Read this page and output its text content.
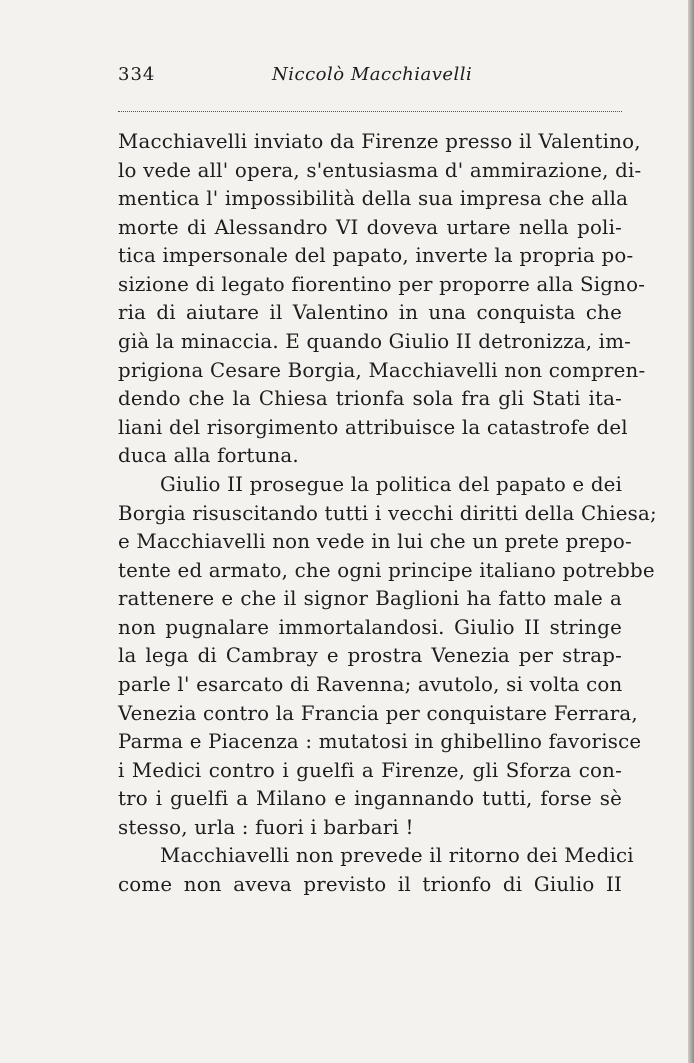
334	Niccolò Macchiavelli
Macchiavelli inviato da Firenze presso il Valentino,
lo vede all' opera, s'entusiasma d' ammirazione, di-
mentica l' impossibilità della sua impresa che alla
morte di Alessandro VI doveva urtare nella poli-
tica impersonale del papato, inverte la propria po-
sizione di legato fiorentino per proporre alla Signo-
ria di aiutare il Valentino in una conquista che
già la minaccia. E quando Giulio II detronizza, im-
prigiona Cesare Borgia, Macchiavelli non compren-
dendo che la Chiesa trionfa sola fra gli Stati ita-
liani del risorgimento attribuisce la catastrofe del
duca alla fortuna.
Giulio II prosegue la politica del papato e dei
Borgia risuscitando tutti i vecchi diritti della Chiesa;
e Macchiavelli non vede in lui che un prete prepo-
tente ed armato, che ogni principe italiano potrebbe
rattenere e che il signor Baglioni ha fatto male a
non pugnalare immortalandosi. Giulio II stringe
la lega di Cambray e prostra Venezia per strap-
parle l' esarcato di Ravenna; avutolo, si volta con
Venezia contro la Francia per conquistare Ferrara,
Parma e Piacenza : mutatosi in ghibellino favorisce
i Medici contro i guelfi a Firenze, gli Sforza con-
tro i guelfi a Milano e ingannando tutti, forse sè
stesso, urla : fuori i barbari !
Macchiavelli non prevede il ritorno dei Medici
come non aveva previsto il trionfo di Giulio II
